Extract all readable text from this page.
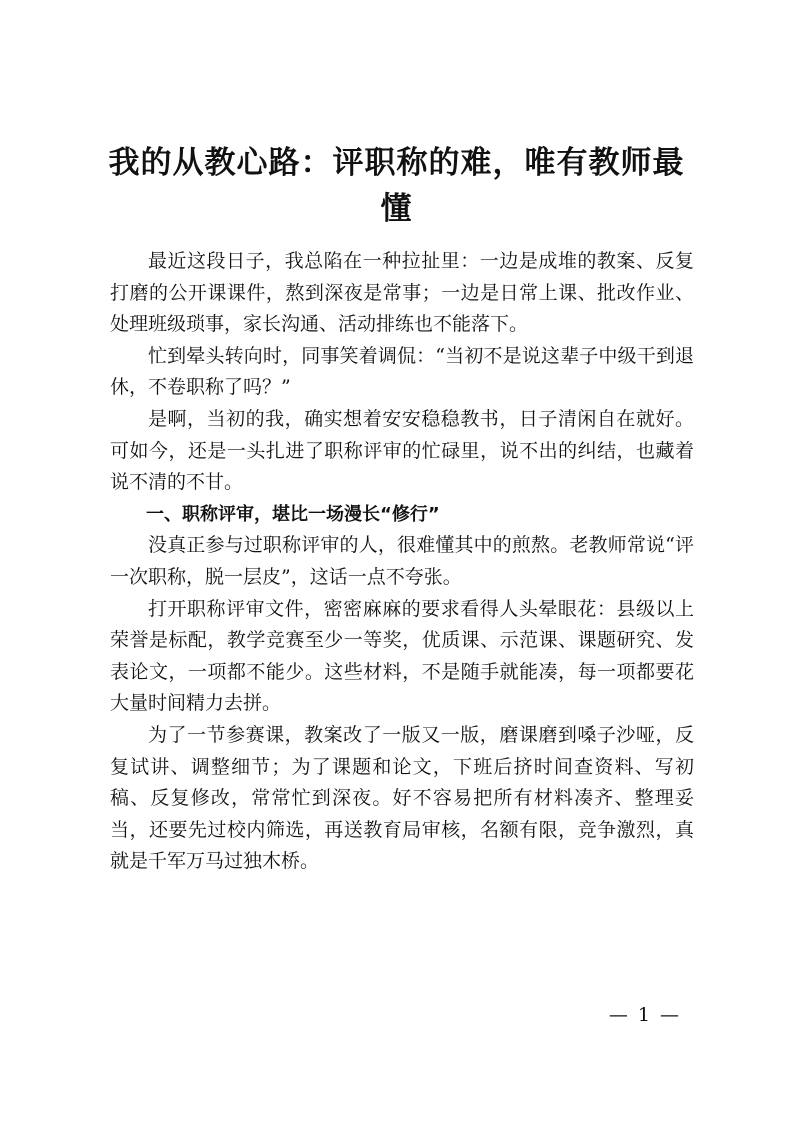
我的从教心路：评职称的难，唯有教师最懂

最近这段日子，我总陷在一种拉扯里：一边是成堆的教案、反复打磨的公开课课件，熬到深夜是常事；一边是日常上课、批改作业、处理班级琐事，家长沟通、活动排练也不能落下。

忙到晕头转向时，同事笑着调侃：“当初不是说这辈子中级干到退休，不卷职称了吗？”

是啊，当初的我，确实想着安安稳稳教书，日子清闲自在就好。可如今，还是一头扎进了职称评审的忙碌里，说不出的纠结，也藏着说不清的不甘。

一、职称评审，堪比一场漫长“修行”

没真正参与过职称评审的人，很难懂其中的煎熬。老教师常说“评一次职称，脱一层皮”，这话一点不夸张。

打开职称评审文件，密密麻麻的要求看得人头晕眼花：县级以上荣誉是标配，教学竞赛至少一等奖，优质课、示范课、课题研究、发表论文，一项都不能少。这些材料，不是随手就能凑，每一项都要花大量时间精力去拼。

为了一节参赛课，教案改了一版又一版，磨课磨到嗓子沙哑，反复试讲、调整细节；为了课题和论文，下班后挤时间查资料、写初稿、反复修改，常常忙到深夜。好不容易把所有材料凑齐、整理妥当，还要先过校内筛选，再送教育局审核，名额有限，竞争激烈，真就是千军万马过独木桥。

— 1 —
